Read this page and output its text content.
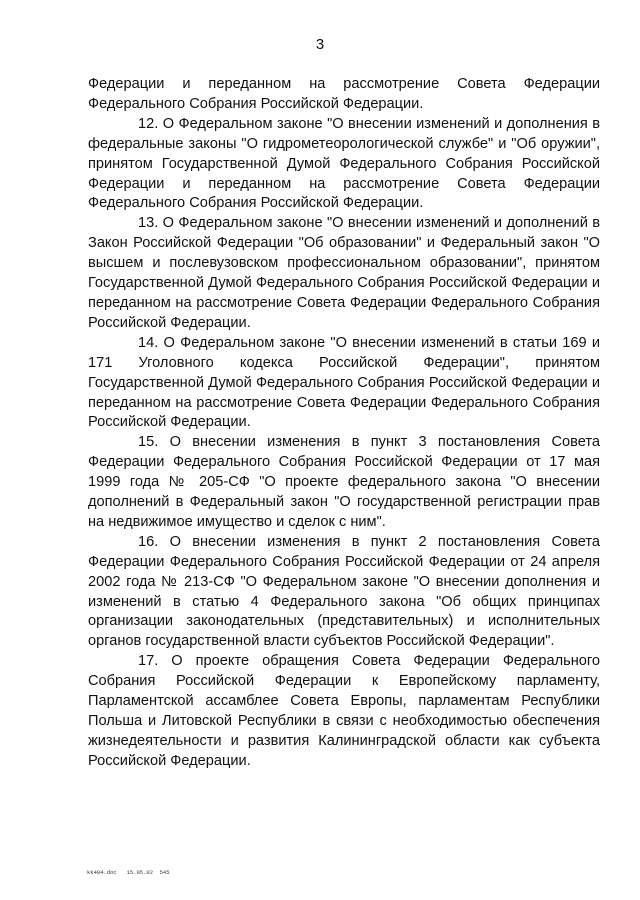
3

Федерации и переданном на рассмотрение Совета Федерации Федерального Собрания Российской Федерации.

12. О Федеральном законе "О внесении изменений и дополнения в федеральные законы "О гидрометеорологической службе" и "Об оружии", принятом Государственной Думой Федерального Собрания Российской Федерации и переданном на рассмотрение Совета Федерации Федерального Собрания Российской Федерации.

13. О Федеральном законе "О внесении изменений и дополнений в Закон Российской Федерации "Об образовании" и Федеральный закон "О высшем и послевузовском профессиональном образовании", принятом Государственной Думой Федерального Собрания Российской Федерации и переданном на рассмотрение Совета Федерации Федерального Собрания Российской Федерации.

14. О Федеральном законе "О внесении изменений в статьи 169 и 171 Уголовного кодекса Российской Федерации", принятом Государственной Думой Федерального Собрания Российской Федерации и переданном на рассмотрение Совета Федерации Федерального Собрания Российской Федерации.

15. О внесении изменения в пункт 3 постановления Совета Федерации Федерального Собрания Российской Федерации от 17 мая 1999 года № 205-СФ "О проекте федерального закона "О внесении дополнений в Федеральный закон "О государственной регистрации прав на недвижимое имущество и сделок с ним".

16. О внесении изменения в пункт 2 постановления Совета Федерации Федерального Собрания Российской Федерации от 24 апреля 2002 года № 213-СФ "О Федеральном законе "О внесении дополнения и изменений в статью 4 Федерального закона "Об общих принципах организации законодательных (представительных) и исполнительных органов государственной власти субъектов Российской Федерации".

17. О проекте обращения Совета Федерации Федерального Собрания Российской Федерации к Европейскому парламенту, Парламентской ассамблее Совета Европы, парламентам Республики Польша и Литовской Республики в связи с необходимостью обеспечения жизнедеятельности и развития Калининградской области как субъекта Российской Федерации.

kk494.doc   15.05.02  545
